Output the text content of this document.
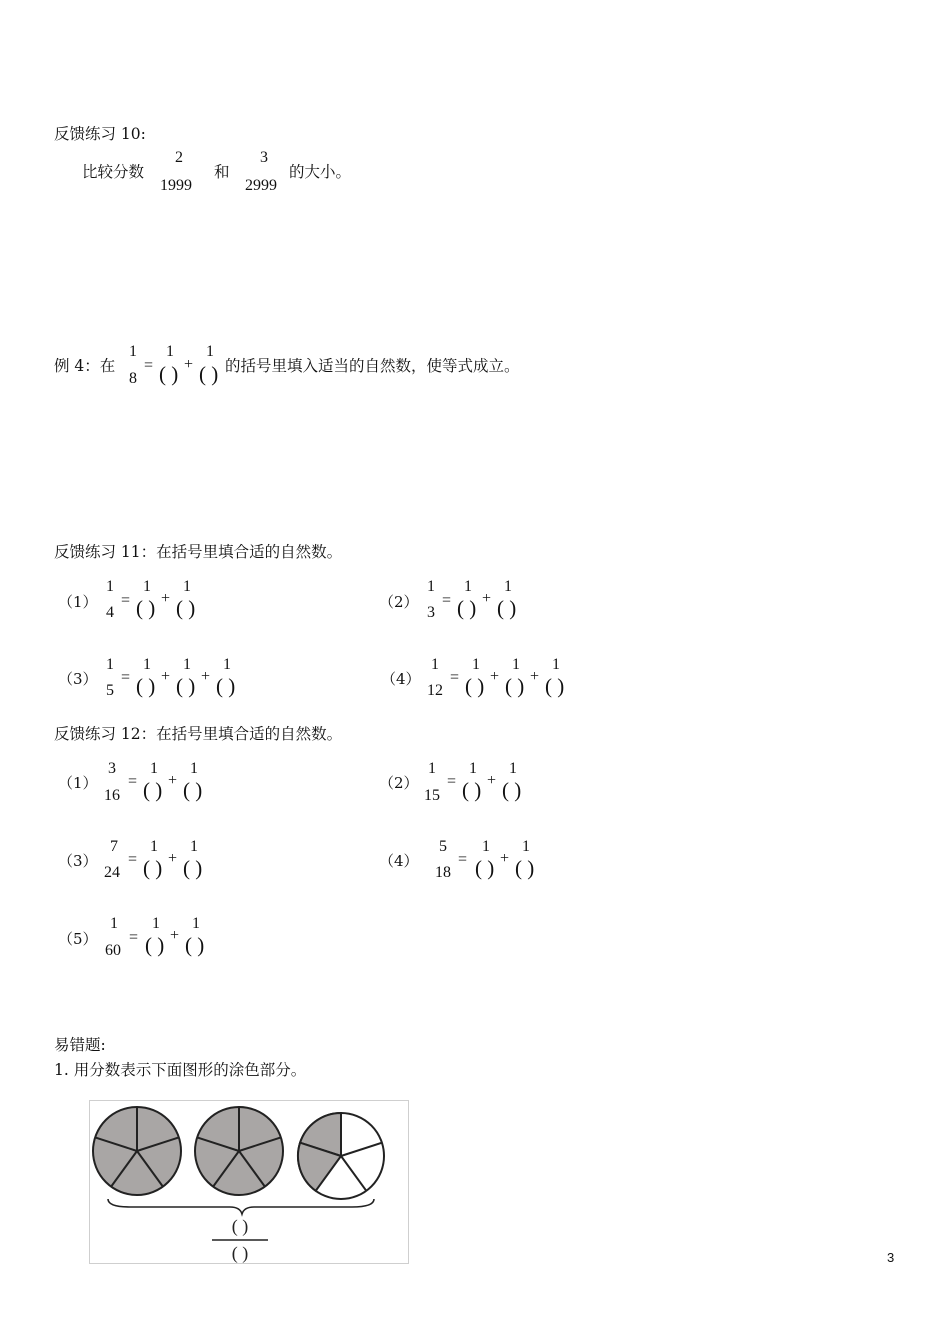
反馈练习 10:
比较分数
2
1999
和
3
2999
的大小。
例 4：在
1
8
=
1
( ) +
1
( ) 的括号里填入适当的自然数，使等式成立。
反馈练习 11：在括号里填合适的自然数。
（1）
1
4
=
1
( ) +
1
( )	（2）
1
3
=
1
( ) +
1
( )
（3）
1
5
=
1
( ) +
1
( ) +
1
( )	（4）
1
12
=
1
( ) +
1
( ) +
1
( )
反馈练习 12：在括号里填合适的自然数。
（1）
3
16
=
1
( ) +
1
( )	（2）
1
15
=
1
( ) +
1
( )
（3）
7
24
=
1
( ) +
1
( )	（4）
5
18
=
1
( ) +
1
( )
（5）
1
60
=
1
( ) +
1
( )
易错题:
1. 用分数表示下面图形的涂色部分。
( )
( )	3
